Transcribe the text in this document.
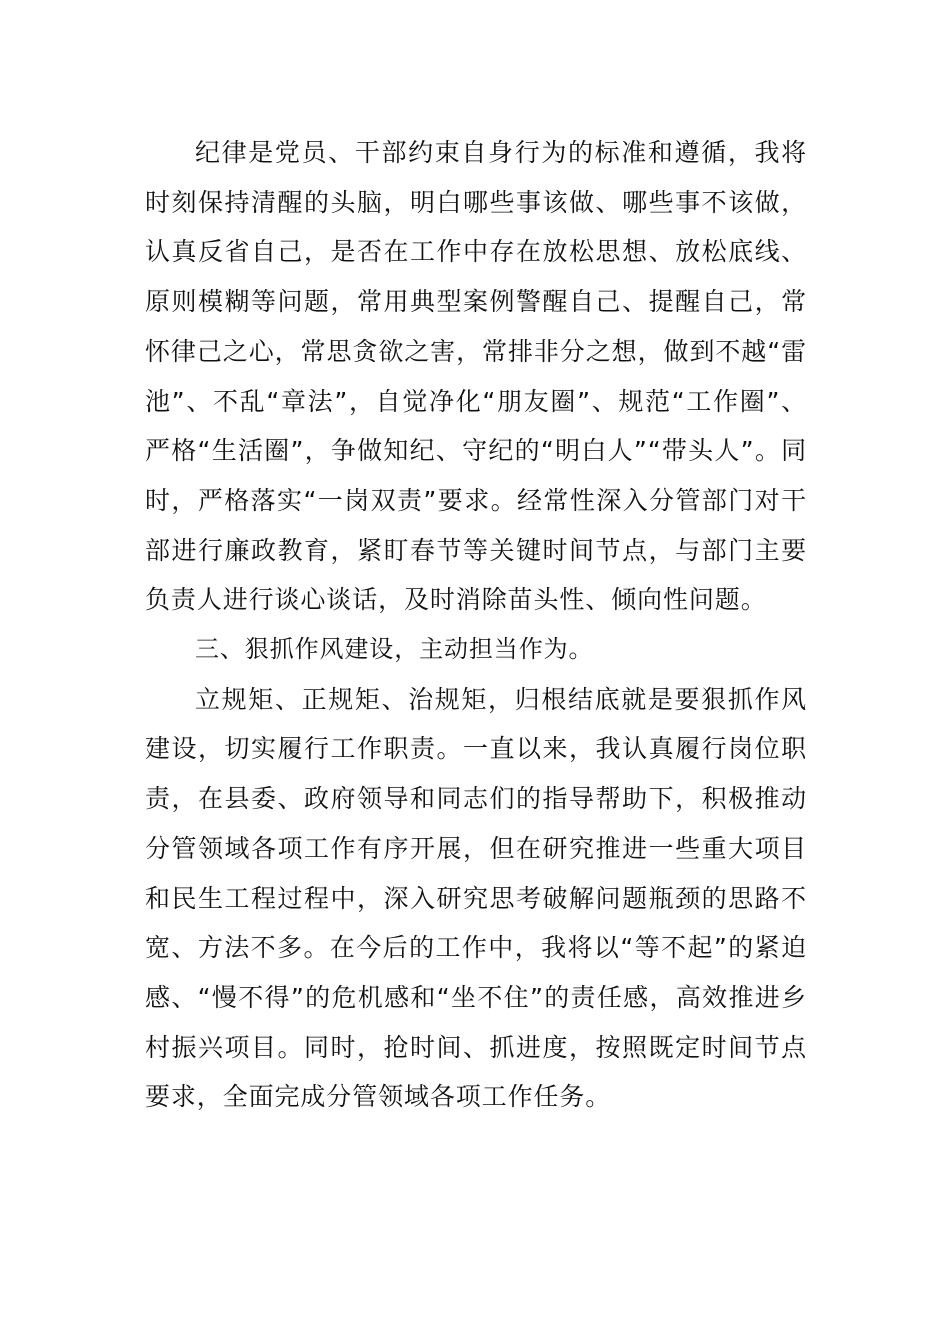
纪律是党员、干部约束自身行为的标准和遵循，我将时刻保持清醒的头脑，明白哪些事该做、哪些事不该做，认真反省自己，是否在工作中存在放松思想、放松底线、原则模糊等问题，常用典型案例警醒自己、提醒自己，常怀律己之心，常思贪欲之害，常排非分之想，做到不越“雷池”、不乱“章法”，自觉净化“朋友圈”、规范“工作圈”、严格“生活圈”，争做知纪、守纪的“明白人”“带头人”。同时，严格落实“一岗双责”要求。经常性深入分管部门对干部进行廉政教育，紧盯春节等关键时间节点，与部门主要负责人进行谈心谈话，及时消除苗头性、倾向性问题。

三、狠抓作风建设，主动担当作为。

立规矩、正规矩、治规矩，归根结底就是要狠抓作风建设，切实履行工作职责。一直以来，我认真履行岗位职责，在县委、政府领导和同志们的指导帮助下，积极推动分管领域各项工作有序开展，但在研究推进一些重大项目和民生工程过程中，深入研究思考破解问题瓶颈的思路不宽、方法不多。在今后的工作中，我将以“等不起”的紧迫感、“慢不得”的危机感和“坐不住”的责任感，高效推进乡村振兴项目。同时，抢时间、抓进度，按照既定时间节点要求，全面完成分管领域各项工作任务。
